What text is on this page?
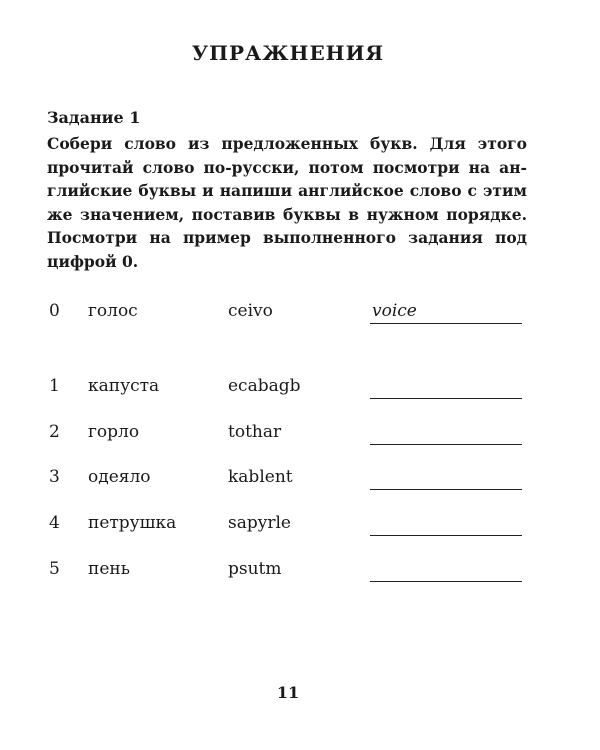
УПРАЖНЕНИЯ
Задание 1
Собери слово из предложенных букв. Для этого
прочитай слово по-русски, потом посмотри на ан-
глийские буквы и напиши английское слово с этим
же значением, поставив буквы в нужном порядке.
Посмотри на пример выполненного задания под
цифрой 0.
0 голос	ceivo	voice
1 капуста	ecabagb
2 горло	tothar
3 одеяло	kablent
4 петрушка	sapyrle
5 пень	psutm
11
